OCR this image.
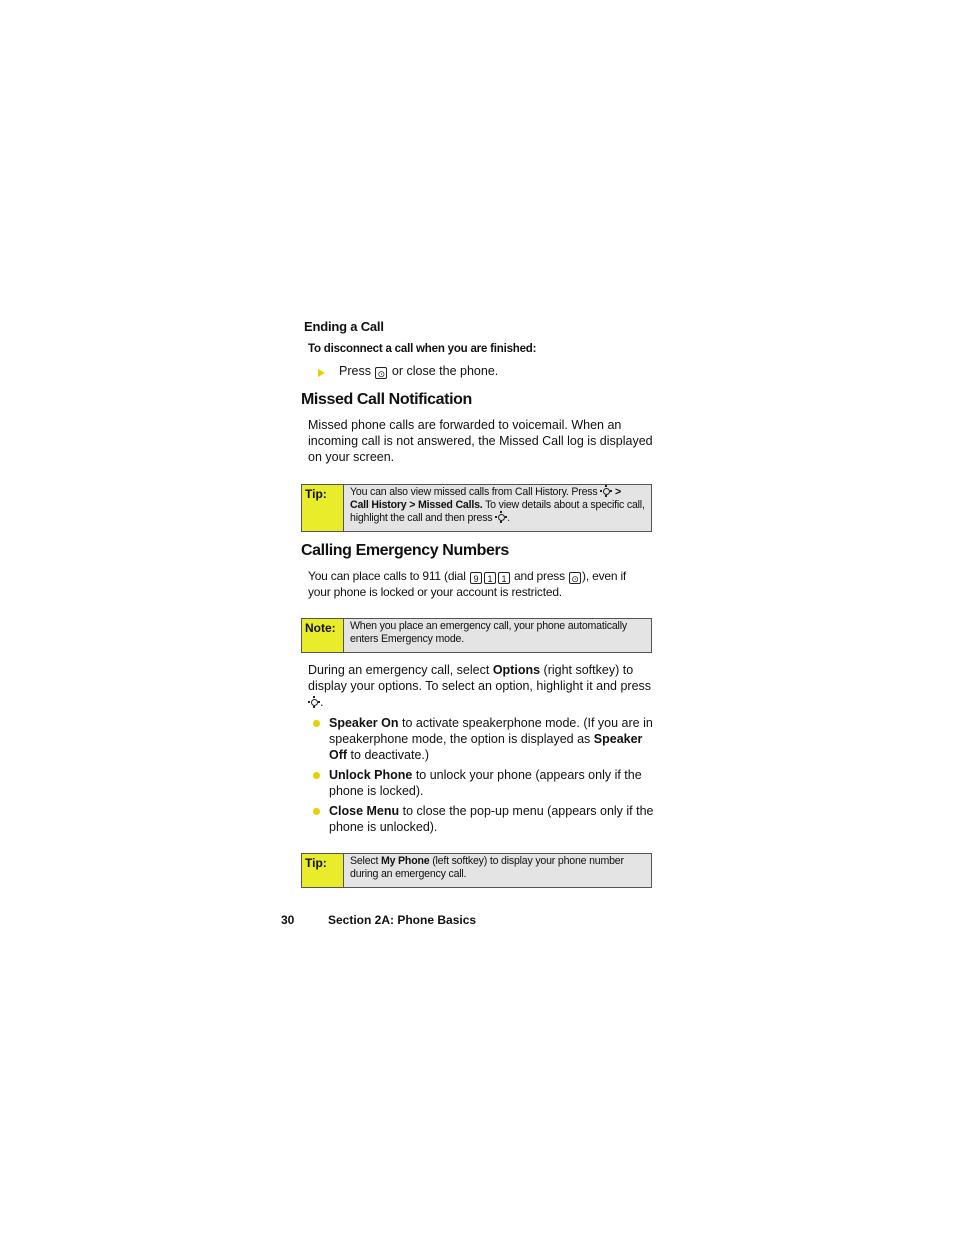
Ending a Call
To disconnect a call when you are finished:
Press ⊙ or close the phone.
Missed Call Notification
Missed phone calls are forwarded to voicemail. When an incoming call is not answered, the Missed Call log is displayed on your screen.
Tip:	You can also view missed calls from Call History. Press >
Call History > Missed Calls. To view details about a specific call,
highlight the call and then press .
Calling Emergency Numbers
You can place calls to 911 (dial 9 1 1 and press ⊙ ), even if
your phone is locked or your account is restricted.
Note:	When you place an emergency call, your phone automatically enters Emergency mode.
During an emergency call, select Options (right softkey) to display your options. To select an option, highlight it and press
.
Speaker On to activate speakerphone mode. (If you are in speakerphone mode, the option is displayed as Speaker Off to deactivate.)
Unlock Phone to unlock your phone (appears only if the phone is locked).
Close Menu to close the pop-up menu (appears only if the phone is unlocked).
Tip:	Select My Phone (left softkey) to display your phone number during an emergency call.
30	Section 2A: Phone Basics
